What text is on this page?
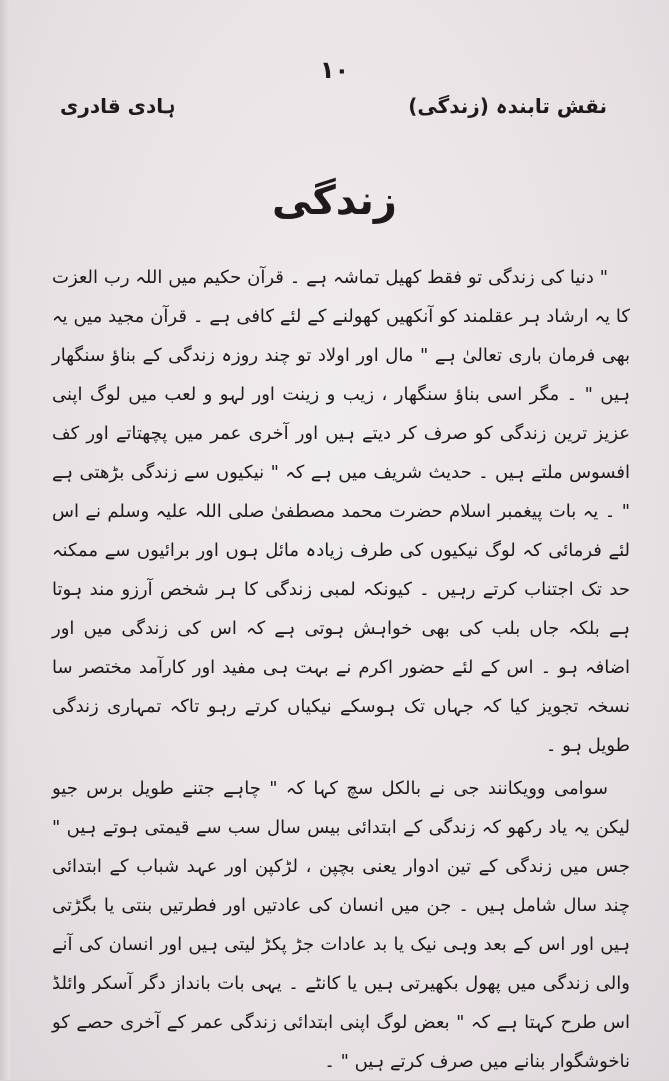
۱۰
نقش تابندہ (زندگی)
ہادی قادری
زندگی

" دنیا کی زندگی تو فقط کھیل تماشہ ہے ۔ قرآن حکیم میں اللہ رب العزت کا یہ ارشاد ہر عقلمند کو آنکھیں کھولنے کے لئے کافی ہے ۔ قرآن مجید میں یہ بھی فرمان باری تعالیٰ ہے " مال اور اولاد تو چند روزہ زندگی کے بناؤ سنگھار ہیں " ۔ مگر اسی بناؤ سنگھار ، زیب و زینت اور لہو و لعب میں لوگ اپنی عزیز ترین زندگی کو صرف کر دیتے ہیں اور آخری عمر میں پچھتاتے اور کف افسوس ملتے ہیں ۔ حدیث شریف میں ہے کہ " نیکیوں سے زندگی بڑھتی ہے " ۔ یہ بات پیغمبر اسلام حضرت محمد مصطفیٰ صلی اللہ علیہ وسلم نے اس لئے فرمائی کہ لوگ نیکیوں کی طرف زیادہ مائل ہوں اور برائیوں سے ممکنہ حد تک اجتناب کرتے رہیں ۔ کیونکہ لمبی زندگی کا ہر شخص آرزو مند ہوتا ہے بلکہ جاں بلب کی بھی خواہش ہوتی ہے کہ اس کی زندگی میں اور اضافہ ہو ۔ اس کے لئے حضور اکرم نے بہت ہی مفید اور کارآمد مختصر سا نسخہ تجویز کیا کہ جہاں تک ہوسکے نیکیاں کرتے رہو تاکہ تمہاری زندگی طویل ہو ۔

سوامی وویکانند جی نے بالکل سچ کہا کہ " چاہے جتنے طویل برس جیو لیکن یہ یاد رکھو کہ زندگی کے ابتدائی بیس سال سب سے قیمتی ہوتے ہیں " جس میں زندگی کے تین ادوار یعنی بچپن ، لڑکپن اور عہد شباب کے ابتدائی چند سال شامل ہیں ۔ جن میں انسان کی عادتیں اور فطرتیں بنتی یا بگڑتی ہیں اور اس کے بعد وہی نیک یا بد عادات جڑ پکڑ لیتی ہیں اور انسان کی آنے والی زندگی میں پھول بکھیرتی ہیں یا کانٹے ۔ یہی بات بانداز دگر آسکر وائلڈ اس طرح کہتا ہے کہ " بعض لوگ اپنی ابتدائی زندگی عمر کے آخری حصے کو ناخوشگوار بنانے میں صرف کرتے ہیں " ۔
